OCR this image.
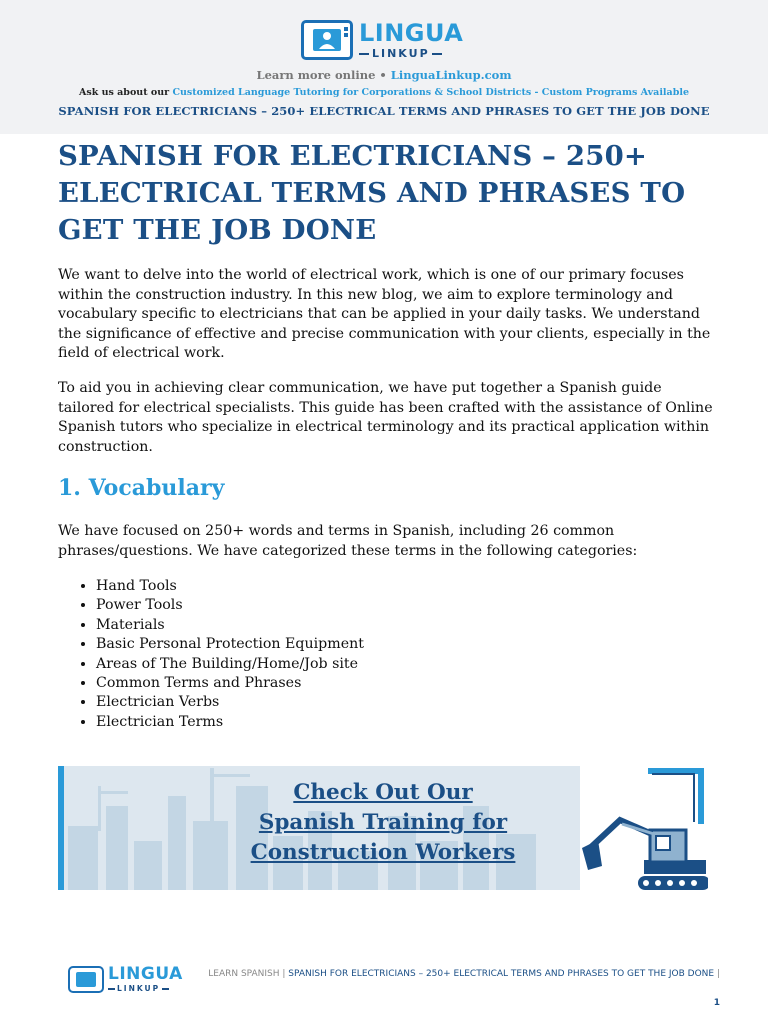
LINGUA
LINKUP
Learn more online • LinguaLinkup.com
Ask us about our Customized Language Tutoring for Corporations & School Districts - Custom Programs Available
SPANISH FOR ELECTRICIANS – 250+ ELECTRICAL TERMS AND PHRASES TO GET THE JOB DONE
SPANISH FOR ELECTRICIANS – 250+ ELECTRICAL TERMS AND PHRASES TO GET THE JOB DONE

We want to delve into the world of electrical work, which is one of our primary focuses within the construction industry. In this new blog, we aim to explore terminology and vocabulary specific to electricians that can be applied in your daily tasks. We understand the significance of effective and precise communication with your clients, especially in the field of electrical work.

To aid you in achieving clear communication, we have put together a Spanish guide tailored for electrical specialists. This guide has been crafted with the assistance of Online Spanish tutors who specialize in electrical terminology and its practical application within construction.

1. Vocabulary

We have focused on 250+ words and terms in Spanish, including 26 common phrases/questions. We have categorized these terms in the following categories:

• Hand Tools
• Power Tools
• Materials
• Basic Personal Protection Equipment
• Areas of The Building/Home/Job site
• Common Terms and Phrases
• Electrician Verbs
• Electrician Terms
Check Out Our
Spanish Training for
Construction Workers
LINGUA
LINKUP
LEARN SPANISH | SPANISH FOR ELECTRICIANS – 250+ ELECTRICAL TERMS AND PHRASES TO GET THE JOB DONE | 1
